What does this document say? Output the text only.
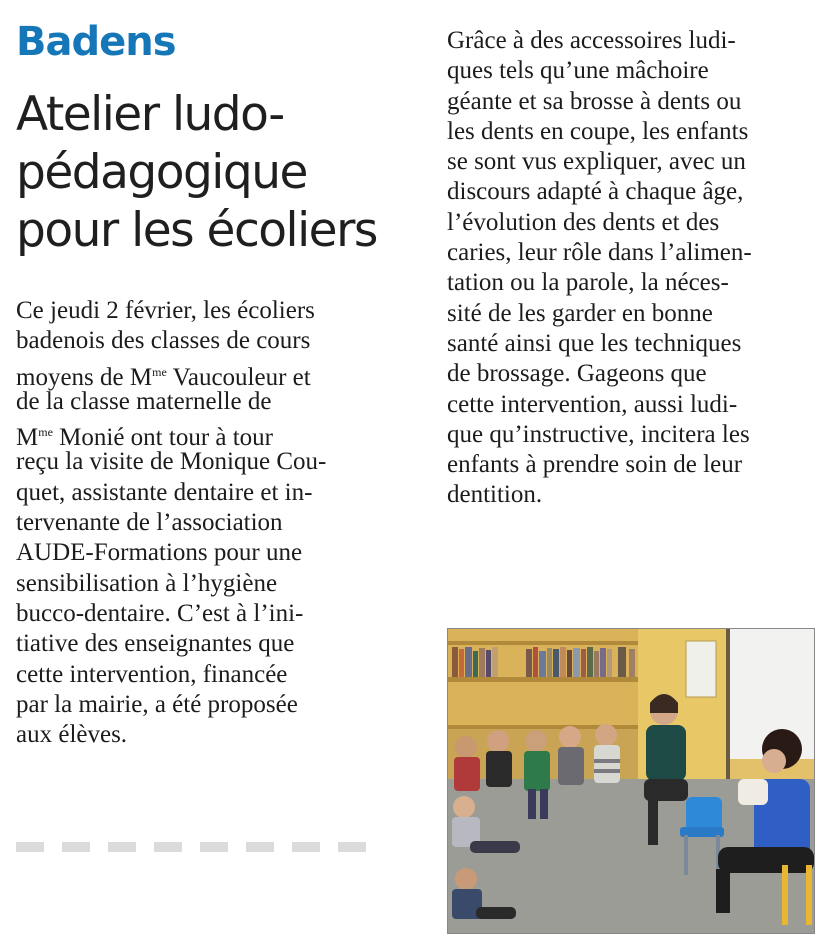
Badens
Atelier ludo-
pédagogique
pour les écoliers
Ce jeudi 2 février, les écoliers
badenois des classes de cours
moyens de $M^{me}$ Vaucouleur et
de la classe maternelle de
$M^{me}$ Monié ont tour à tour
reçu la visite de Monique Cou-
quet, assistante dentaire et in-
tervenante de l’association
AUDE-Formations pour une
sensibilisation à l’hygiène
bucco-dentaire. C’est à l’ini-
tiative des enseignantes que
cette intervention, financée
par la mairie, a été proposée
aux élèves.
Grâce à des accessoires ludi-
ques tels qu’une mâchoire
géante et sa brosse à dents ou
les dents en coupe, les enfants
se sont vus expliquer, avec un
discours adapté à chaque âge,
l’évolution des dents et des
caries, leur rôle dans l’alimen-
tation ou la parole, la néces-
sité de les garder en bonne
santé ainsi que les techniques
de brossage. Gageons que
cette intervention, aussi ludi-
que qu’instructive, incitera les
enfants à prendre soin de leur
dentition.
